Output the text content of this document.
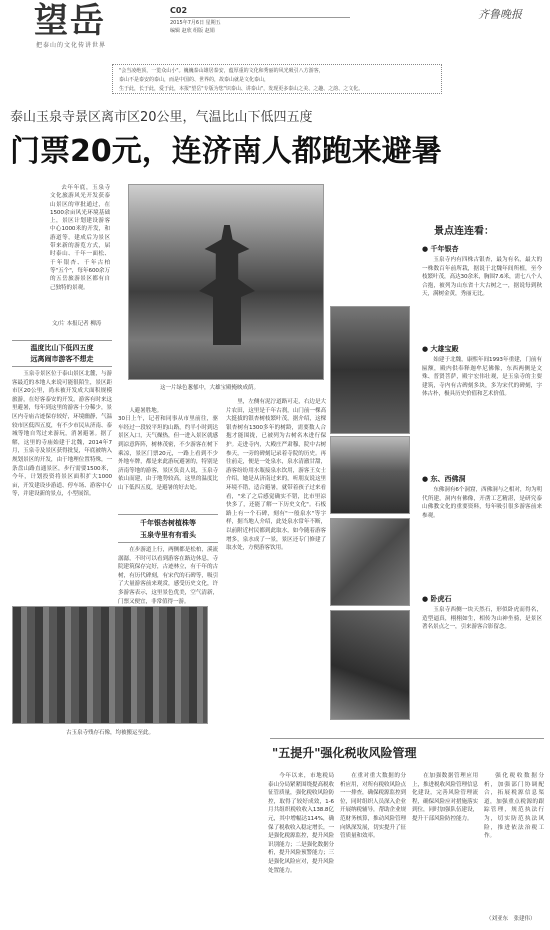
望岳
把泰山的文化传讲世界
C02
2015年7月6日 星期五
编辑 赵欣 组版 赵娟
齐鲁晚报
"会当凌绝顶，一览众山小"。巍巍泰山雄居泰安，蕴厚重的文化和秀丽的风光吸引八方游客，
泰山不是泰安的泰山，而是中国的、世界的，故泰山就是文化泰山，
生于此，长于此，爱于此，本报"望岳"专版为您"识泰山、讲泰山"，发现更多泰山之美、之趣、之韵、之文化。
泰山玉泉寺景区离市区20公里，气温比山下低四五度
门票20元，连济南人都跑来避暑

去年年底，玉泉寺文化旅游风光开发获泰山景区的审批通过，在1500余亩风光环境基础上，景区计划建设游客中心1000米的开发，和游道等，建成后为景区带来新的游览方式，届时泰山、千年一面松、千年银杏、千年古柏等"五个"，每年600余万的五岳旅游景区都有自己独特的景观。

文/片 本报记者 柳涛
温度比山下低四五度
远离闹市游客不想走

玉泉寺景区位于泰山景区北麓，与游客最近的本地人来说可能很陌生，景区距市区20公里，尚未被开发成大面积规模旅游，在好客泰安的开发，游客有时来这里避暑，每年到这里的游客十分稀少，景区内寺庙古迹保存较好，环境幽静，气温较市区低四五度，有不少市民从济南、泰城等地自驾过来游玩，消暑避暑。据了解，这里的寺庙始建于北魏，2014年7月，玉泉寺及景区获得批复，年底被纳入规划景区的开发，由于地理位置特殊，一条盘山路直通景区，步行需要1500米，今年，计划投资将景区面积扩大1000亩，开发建设步游道、停车场、游客中心等，并建设新的景点，小型展馆。

这一片绿色葱郁中，大雄宝殿掩映成荫。

人避暑胜地。
30日上午，记者和同事从市里前往，驱车经过一段较平坦的山路，约半小时到达景区入口，天气燥热，但一进入景区就感到凉意阵阵，树林茂密，不少游客在树下乘凉，景区门票20元，一路上看到不少外地车牌，都是来此游玩避暑的，特别是济南等地的游客，景区负责人说，玉泉寺依山而建，由于地势较高，这里的温度比山下低四五度，是避暑的好去处。

千年银杏树植株等
玉泉寺里有有看头

在步游道上行，两侧都是松柏，溪流潺潺，不时可以看到游客在路边休息，寺院建筑保存完好，古迹林立，有千年的古树，有历代碑刻，有宋代的石碑等，吸引了大量游客前来观赏，感受历史文化，许多游客表示，这里景色优美，空气清新，门票又便宜，非常值得一游。

里，左侧有泥泞道路可走，右边是大片农田，这里是千年古刹，山门前一棵高大挺拔的银杏树枝繁叶茂，据介绍，这棵银杏树有1300多年的树龄，需要数人合抱才能围拢，已被列为古树名木进行保护。走进寺内，大殿庄严肃穆，院中古树参天，一旁的碑刻记录着寺院的历史。再往前走，便是一处泉水，泉水清澈甘甜，游客纷纷用水瓶接泉水饮用，游客王女士介绍，她是从济南过来的，听朋友说这里环境不错，适合避暑，就带着孩子过来看看，"来了之后感觉确实不错，比市里凉快多了，还能了解一下历史文化"。石板路上有一个石碑，刻有"一般泉水"等字样，据当地人介绍，此处泉水常年不断，以前附近村民都到此取水，如今随着游客增多，泉水成了一景，景区还专门修建了取水处，方便游客饮用。

古玉泉寺残存石像，均被搬运至此。
景点连连看：
● 千年银杏

玉泉寺内有四株古银杏，最为有名，最大的一株数百年前所栽，据说于北魏年间所植，至今枝繁叶茂，高达30余米，胸围7.6米，需七八个人合抱，被列为山东省十大古树之一，据说每到秋天，满树金黄，秀丽无比。

● 大雄宝殿

始建于北魏，康熙年间1993年重建，门前有匾额，殿内供奉释迦牟尼佛像，东西两侧是文殊、普贤菩萨，殿宇宏伟壮观，是玉泉寺的主要建筑，寺内有古碑刻多块，多为宋代的碑刻，字体古朴，极具历史价值和艺术价值。

● 东、西佛洞

东佛洞有6个洞窟，西佛洞与之相对，均为明代所建，洞内有佛像，开凿工艺精湛，是研究泰山佛教文化的重要资料，每年吸引很多游客前来参观。

● 卧虎石

玉泉寺西侧一块天然石，形似卧虎而得名，造型逼真，栩栩如生，相传为山神坐骑，是景区著名景点之一，引来游客合影留念。

"五提升"强化税收风险管理

今年以来，市地税局泰山分局紧紧围绕提高税收征管质量，强化税收风险防控，取得了较好成效，1-6月共组织税收收入138.8亿元，其中增幅达114%，确保了税收收入稳定增长，一是强化税源监控，提升风险识别能力；二是强化数据分析，提升风险预警能力；三是强化风险应对，提升风险处置能力。

在重对重大数据的分析应用，对所有税收风险点一一排查，确保税源监控到位，同时组织人员深入企业开展纳税辅导，帮助企业规范财务核算，推动风险管理向纵深发展，切实提升了征管质量和效率。

在加强数据管理应用上，推进税收风险管理信息化建设，完善风险管理流程，确保风险应对措施落实到位，同时加强队伍建设，提升干部风险防控能力。

强化税收数据分析，加强部门协调配合，拓展税源信息渠道，加强重点税源的跟踪管理，规范执法行为，切实防范执法风险，推进依法治税工作。

（刘亚东　张建伟）
